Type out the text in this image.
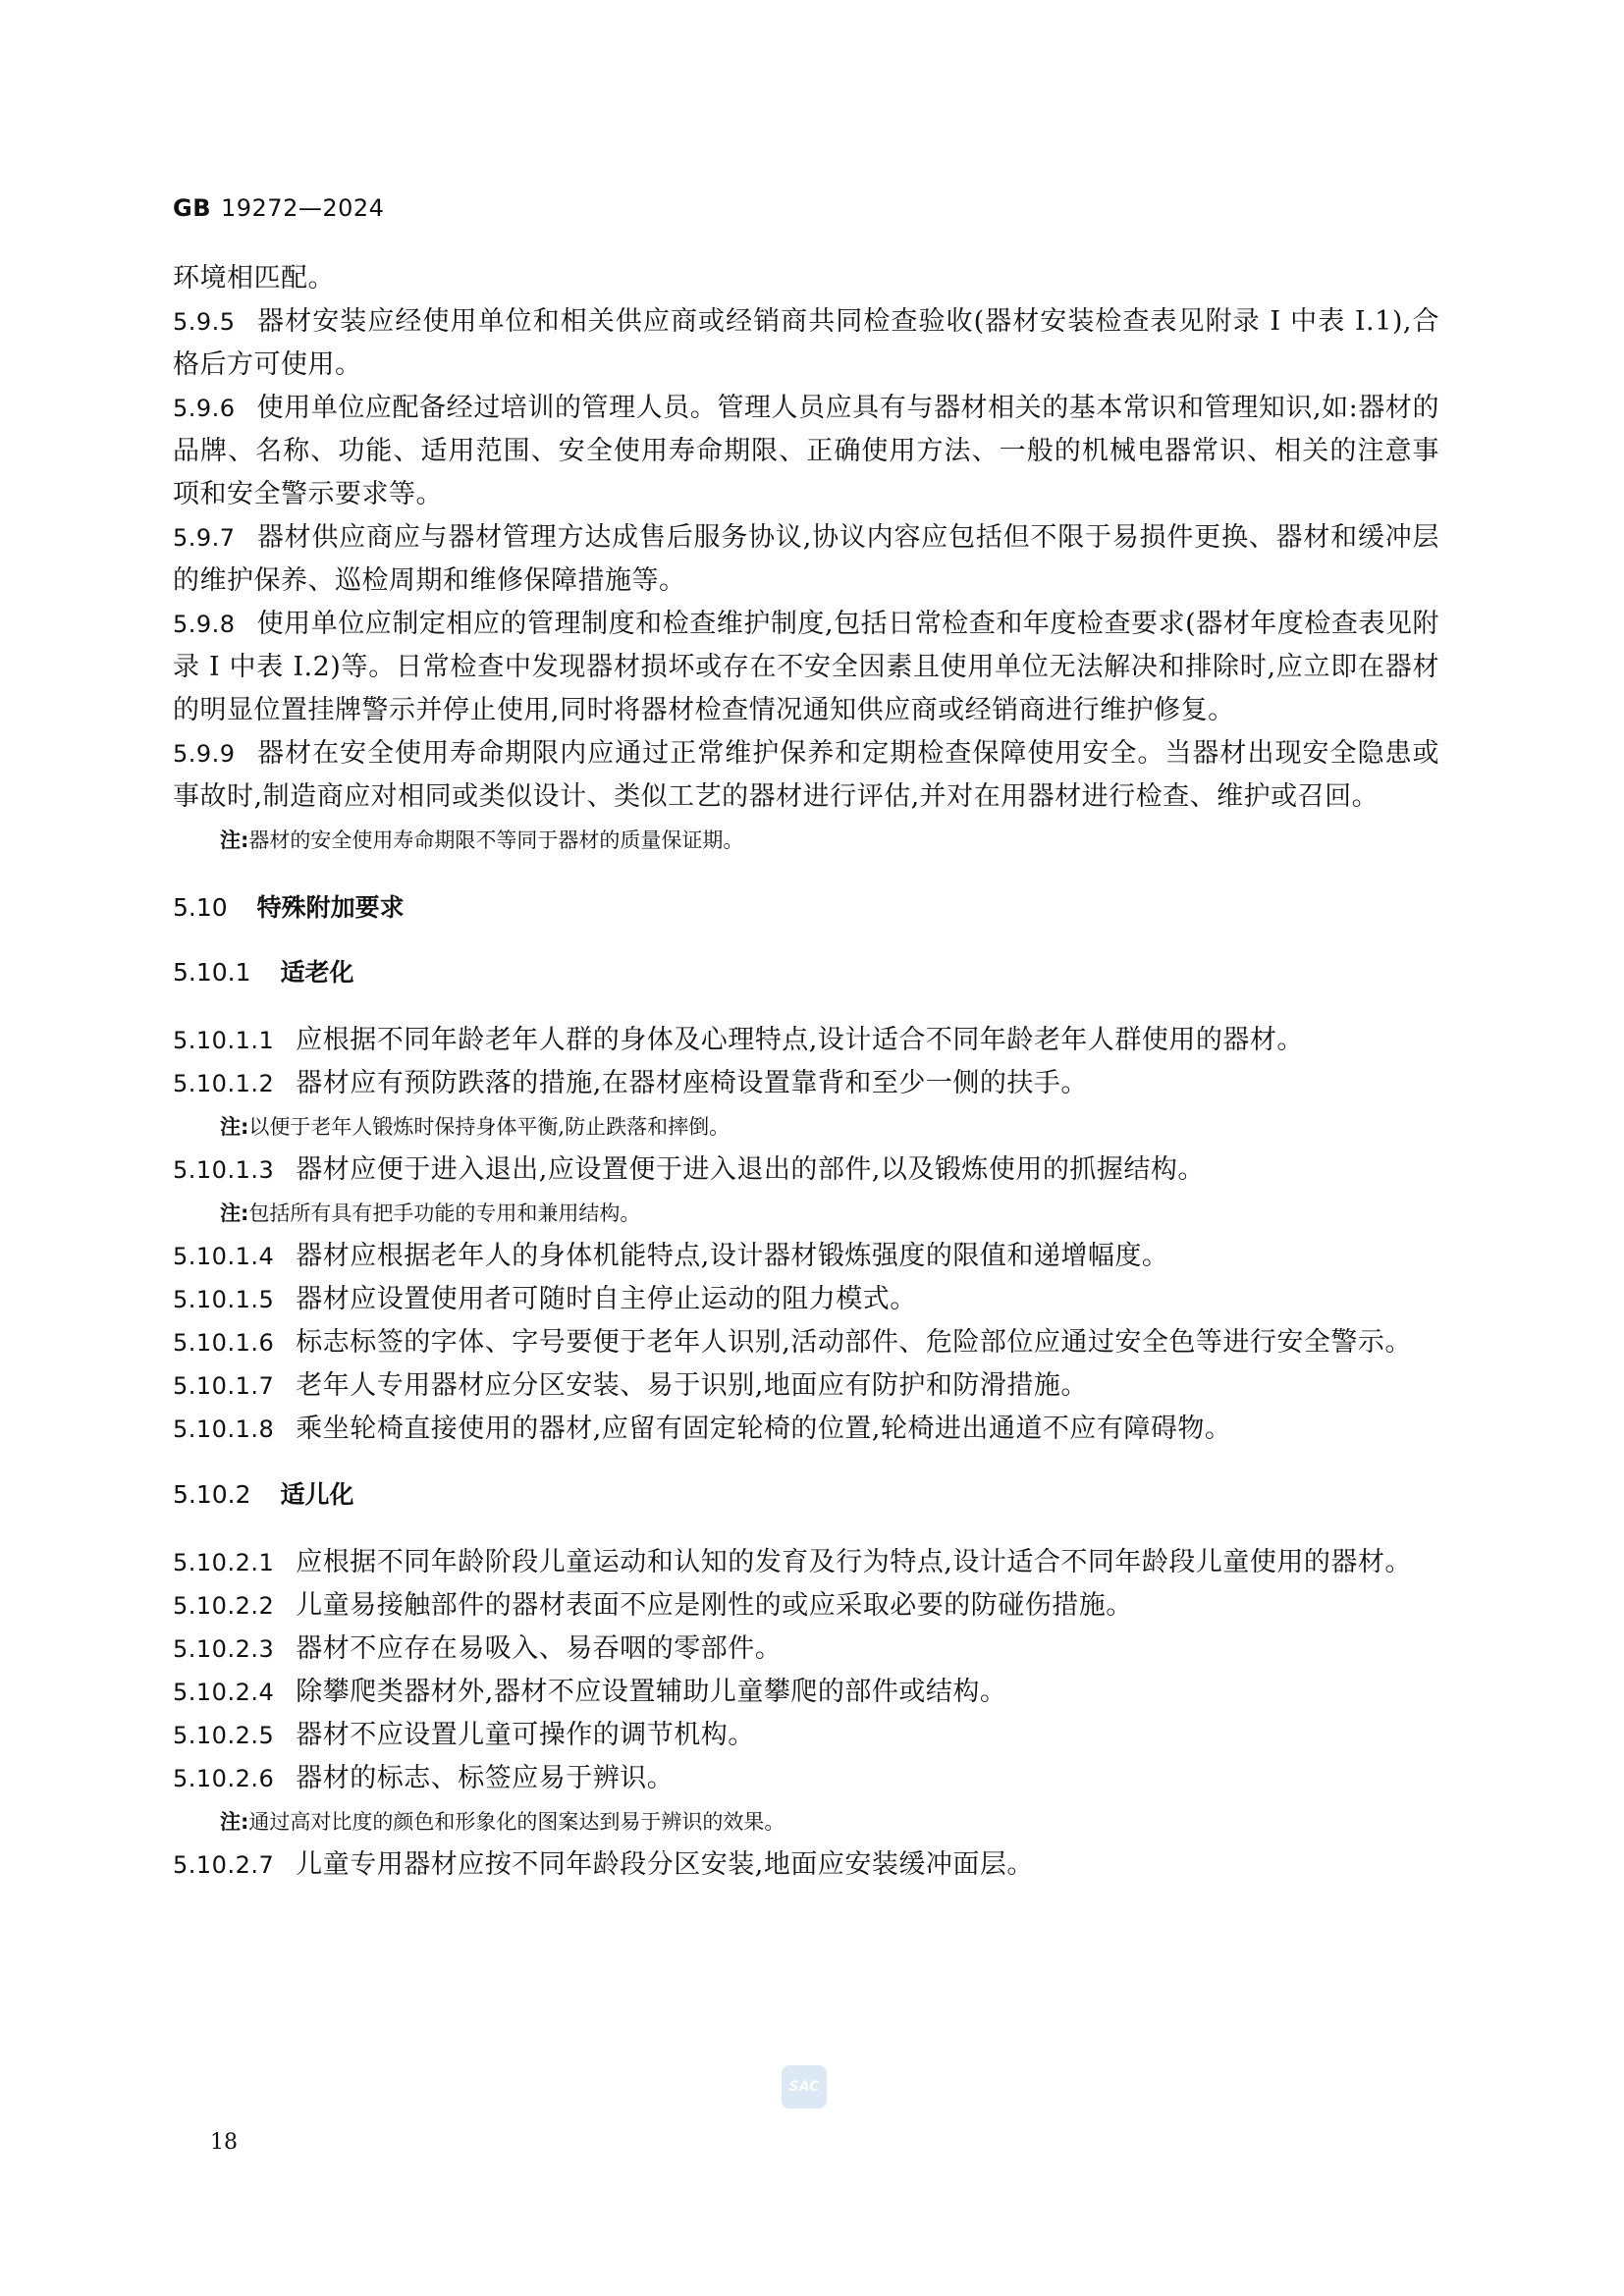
GB 19272—2024

环境相匹配。

5.9.5 器材安装应经使用单位和相关供应商或经销商共同检查验收(器材安装检查表见附录 I 中表 I.1),合格后方可使用。

5.9.6 使用单位应配备经过培训的管理人员。管理人员应具有与器材相关的基本常识和管理知识,如:器材的品牌、名称、功能、适用范围、安全使用寿命期限、正确使用方法、一般的机械电器常识、相关的注意事项和安全警示要求等。

5.9.7 器材供应商应与器材管理方达成售后服务协议,协议内容应包括但不限于易损件更换、器材和缓冲层的维护保养、巡检周期和维修保障措施等。

5.9.8 使用单位应制定相应的管理制度和检查维护制度,包括日常检查和年度检查要求(器材年度检查表见附录 I 中表 I.2)等。日常检查中发现器材损坏或存在不安全因素且使用单位无法解决和排除时,应立即在器材的明显位置挂牌警示并停止使用,同时将器材检查情况通知供应商或经销商进行维护修复。

5.9.9 器材在安全使用寿命期限内应通过正常维护保养和定期检查保障使用安全。当器材出现安全隐患或事故时,制造商应对相同或类似设计、类似工艺的器材进行评估,并对在用器材进行检查、维护或召回。

注:器材的安全使用寿命期限不等同于器材的质量保证期。

5.10 特殊附加要求
5.10.1 适老化

5.10.1.1 应根据不同年龄老年人群的身体及心理特点,设计适合不同年龄老年人群使用的器材。

5.10.1.2 器材应有预防跌落的措施,在器材座椅设置靠背和至少一侧的扶手。

注:以便于老年人锻炼时保持身体平衡,防止跌落和摔倒。

5.10.1.3 器材应便于进入退出,应设置便于进入退出的部件,以及锻炼使用的抓握结构。

注:包括所有具有把手功能的专用和兼用结构。

5.10.1.4 器材应根据老年人的身体机能特点,设计器材锻炼强度的限值和递增幅度。

5.10.1.5 器材应设置使用者可随时自主停止运动的阻力模式。

5.10.1.6 标志标签的字体、字号要便于老年人识别,活动部件、危险部位应通过安全色等进行安全警示。

5.10.1.7 老年人专用器材应分区安装、易于识别,地面应有防护和防滑措施。

5.10.1.8 乘坐轮椅直接使用的器材,应留有固定轮椅的位置,轮椅进出通道不应有障碍物。

5.10.2 适儿化

5.10.2.1 应根据不同年龄阶段儿童运动和认知的发育及行为特点,设计适合不同年龄段儿童使用的器材。

5.10.2.2 儿童易接触部件的器材表面不应是刚性的或应采取必要的防碰伤措施。

5.10.2.3 器材不应存在易吸入、易吞咽的零部件。

5.10.2.4 除攀爬类器材外,器材不应设置辅助儿童攀爬的部件或结构。

5.10.2.5 器材不应设置儿童可操作的调节机构。

5.10.2.6 器材的标志、标签应易于辨识。

注:通过高对比度的颜色和形象化的图案达到易于辨识的效果。

5.10.2.7 儿童专用器材应按不同年龄段分区安装,地面应安装缓冲面层。

SAC
18
